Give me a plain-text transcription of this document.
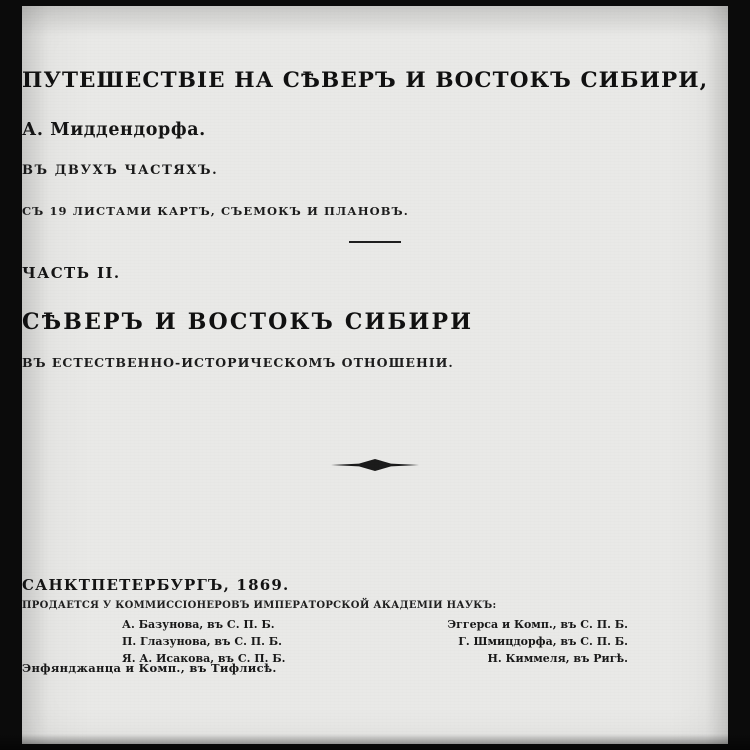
ПУТЕШЕСТВІЕ НА СѢВЕРЪ И ВОСТОКЪ СИБИРИ,
А. Миддендорфа.
ВЪ ДВУХЪ ЧАСТЯХЪ.
СЪ 19 ЛИСТАМИ КАРТЪ, СЪЕМОКЪ И ПЛАНОВЪ.
ЧАСТЬ II.
СѢВЕРЪ И ВОСТОКЪ СИБИРИ
ВЪ ЕСТЕСТВЕННО-ИСТОРИЧЕСКОМЪ ОТНОШЕНІИ.
САНКТПЕТЕРБУРГЪ, 1869.
ПРОДАЕТСЯ У КОММИССІОНЕРОВЪ ИМПЕРАТОРСКОЙ АКАДЕМІИ НАУКЪ:
А. Базунова, въ С. П. Б.
П. Глазунова, въ С. П. Б.
Я. А. Исакова, въ С. П. Б.
Эггерса и Комп., въ С. П. Б.
Г. Шмицдорфа, въ С. П. Б.
Н. Киммеля, въ Ригѣ.
Энфянджанца и Комп., въ Тифлисѣ.
